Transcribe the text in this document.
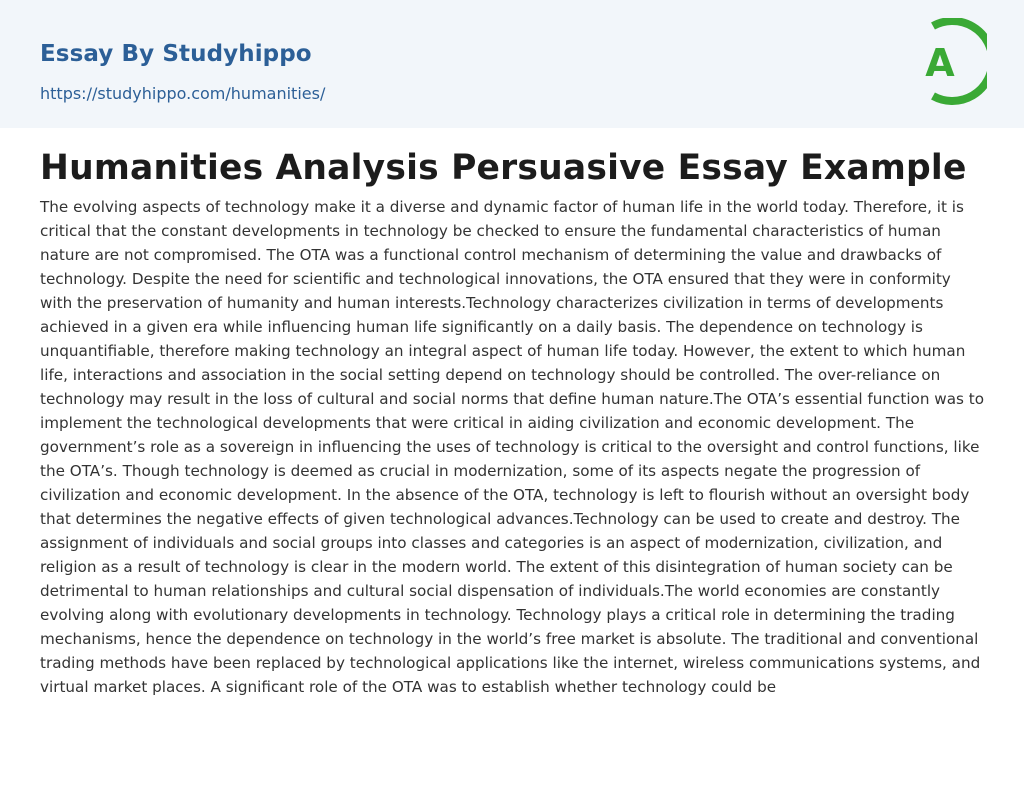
Essay By Studyhippo
https://studyhippo.com/humanities/
A
Humanities Analysis Persuasive Essay Example

The evolving aspects of technology make it a diverse and dynamic factor of human life in the world today. Therefore, it is critical that the constant developments in technology be checked to ensure the fundamental characteristics of human nature are not compromised. The OTA was a functional control mechanism of determining the value and drawbacks of technology. Despite the need for scientific and technological innovations, the OTA ensured that they were in conformity with the preservation of humanity and human interests.Technology characterizes civilization in terms of developments achieved in a given era while influencing human life significantly on a daily basis. The dependence on technology is unquantifiable, therefore making technology an integral aspect of human life today. However, the extent to which human life, interactions and association in the social setting depend on technology should be controlled. The over-reliance on technology may result in the loss of cultural and social norms that define human nature.The OTA’s essential function was to implement the technological developments that were critical in aiding civilization and economic development. The government’s role as a sovereign in influencing the uses of technology is critical to the oversight and control functions, like the OTA’s. Though technology is deemed as crucial in modernization, some of its aspects negate the progression of civilization and economic development. In the absence of the OTA, technology is left to flourish without an oversight body that determines the negative effects of given technological advances.Technology can be used to create and destroy. The assignment of individuals and social groups into classes and categories is an aspect of modernization, civilization, and religion as a result of technology is clear in the modern world. The extent of this disintegration of human society can be detrimental to human relationships and cultural social dispensation of individuals.The world economies are constantly evolving along with evolutionary developments in technology. Technology plays a critical role in determining the trading mechanisms, hence the dependence on technology in the world’s free market is absolute. The traditional and conventional trading methods have been replaced by technological applications like the internet, wireless communications systems, and virtual market places. A significant role of the OTA was to establish whether technology could be
